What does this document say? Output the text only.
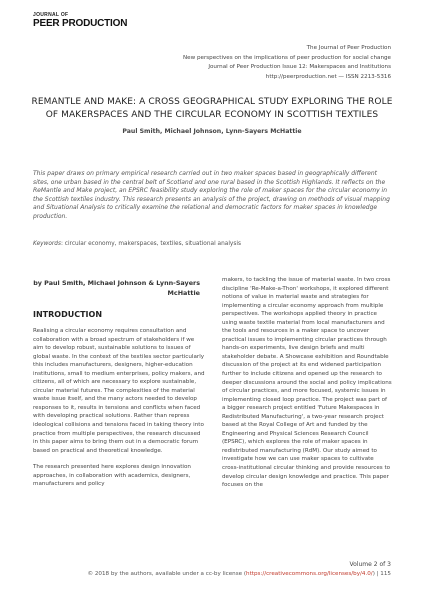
JOURNAL OF
PEER PRODUCTION
The Journal of Peer Production
New perspectives on the implications of peer production for social change
Journal of Peer Production Issue 12: Makerspaces and Institutions
http://peerproduction.net — ISSN 2213-5316
REMANTLE AND MAKE: A CROSS GEOGRAPHICAL STUDY EXPLORING THE ROLE OF MAKERSPACES AND THE CIRCULAR ECONOMY IN SCOTTISH TEXTILES
Paul Smith, Michael Johnson, Lynn-Sayers McHattie
This paper draws on primary empirical research carried out in two maker spaces based in geographically different sites, one urban based in the central belt of Scotland and one rural based in the Scottish Highlands. It reflects on the ReMantle and Make project, an EPSRC feasibility study exploring the role of maker spaces for the circular economy in the Scottish textiles industry. This research presents an analysis of the project, drawing on methods of visual mapping and Situational Analysis to critically examine the relational and democratic factors for maker spaces in knowledge production.
Keywords: circular economy, makerspaces, textiles, situational analysis
by Paul Smith, Michael Johnson & Lynn-Sayers McHattie
INTRODUCTION

Realising a circular economy requires consultation and collaboration with a broad spectrum of stakeholders if we aim to develop robust, sustainable solutions to issues of global waste. In the context of the textiles sector particularly this includes manufacturers, designers, higher-education institutions, small to medium enterprises, policy makers, and citizens, all of which are necessary to explore sustainable, circular material futures. The complexities of the material waste issue itself, and the many actors needed to develop responses to it, results in tensions and conflicts when faced with developing practical solutions. Rather than repress ideological collisions and tensions faced in taking theory into practice from multiple perspectives, the research discussed in this paper aims to bring them out in a democratic forum based on practical and theoretical knowledge.

The research presented here explores design innovation approaches, in collaboration with academics, designers, manufacturers and policy

makers, to tackling the issue of material waste. In two cross discipline 'Re-Make-a-Thon' workshops, it explored different notions of value in material waste and strategies for implementing a circular economy approach from multiple perspectives. The workshops applied theory in practice using waste textile material from local manufacturers and the tools and resources in a maker space to uncover practical issues to implementing circular practices through hands-on experiments, live design briefs and multi stakeholder debate. A Showcase exhibition and Roundtable discussion of the project at its end widened participation further to include citizens and opened up the research to deeper discussions around the social and policy implications of circular practices, and more focused, systemic issues in implementing closed loop practice. The project was part of a bigger research project entitled 'Future Makespaces in Redistributed Manufacturing', a two-year research project based at the Royal College of Art and funded by the Engineering and Physical Sciences Research Council (EPSRC), which explores the role of maker spaces in redistributed manufacturing (RdM). Our study aimed to investigate how we can use maker spaces to cultivate cross-institutional circular thinking and provide resources to develop circular design knowledge and practice. This paper focuses on the

Volume 2 of 3
© 2018 by the authors, available under a cc-by license (https://creativecommons.org/licenses/by/4.0/) | 115
